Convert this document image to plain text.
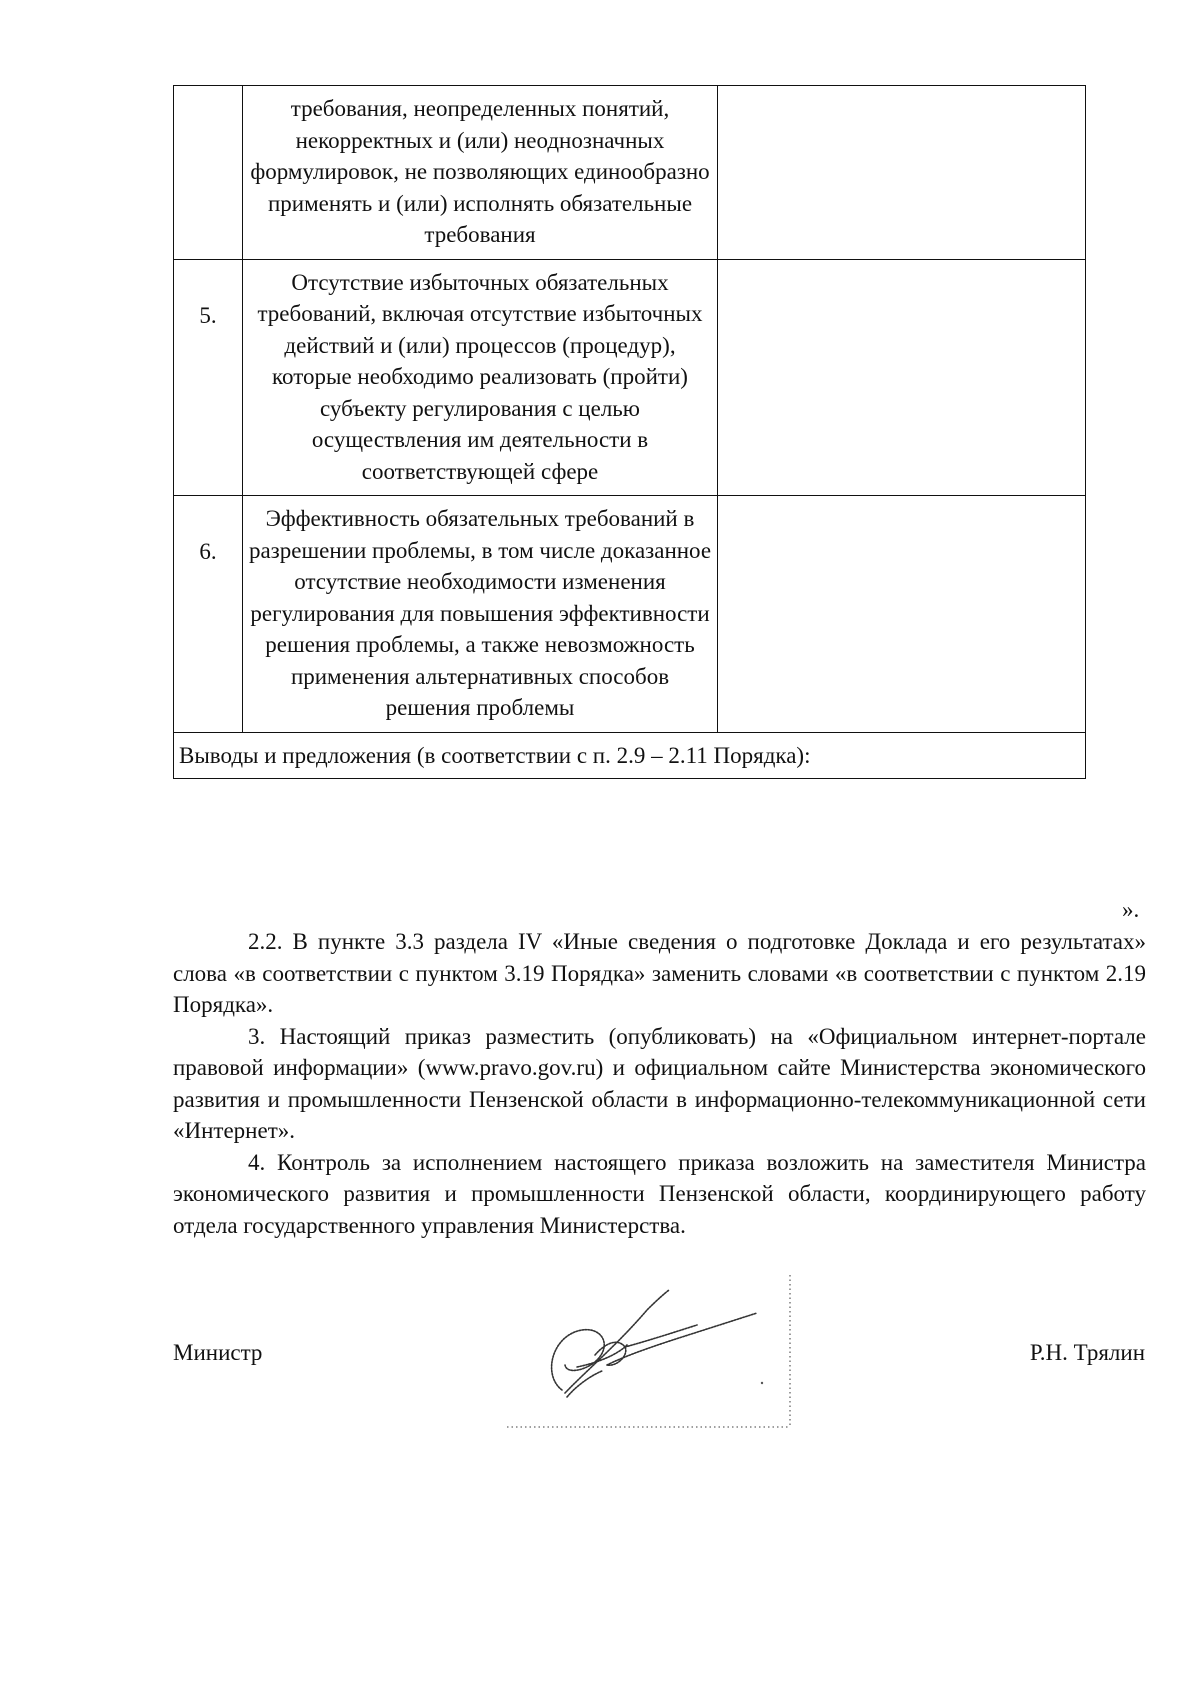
	требования, неопределенных понятий, некорректных и (или) неоднозначных формулировок, не позволяющих единообразно применять и (или) исполнять обязательные требования	
5.	Отсутствие избыточных обязательных требований, включая отсутствие избыточных действий и (или) процессов (процедур), которые необходимо реализовать (пройти) субъекту регулирования с целью осуществления им деятельности в соответствующей сфере	
6.	Эффективность обязательных требований в разрешении проблемы, в том числе доказанное отсутствие необходимости изменения регулирования для повышения эффективности решения проблемы, а также невозможность применения альтернативных способов решения проблемы	
Выводы и предложения (в соответствии с п. 2.9 – 2.11 Порядка):		
».

2.2. В пункте 3.3 раздела IV «Иные сведения о подготовке Доклада и его результатах» слова «в соответствии с пунктом 3.19 Порядка» заменить словами «в соответствии с пунктом 2.19 Порядка».

3. Настоящий приказ разместить (опубликовать) на «Официальном интернет-портале правовой информации» (www.pravo.gov.ru) и официальном сайте Министерства экономического развития и промышленности Пензенской области в информационно-телекоммуникационной сети «Интернет».

4. Контроль за исполнением настоящего приказа возложить на заместителя Министра экономического развития и промышленности Пензенской области, координирующего работу отдела государственного управления Министерства.

Министр	Р.Н. Трялин
